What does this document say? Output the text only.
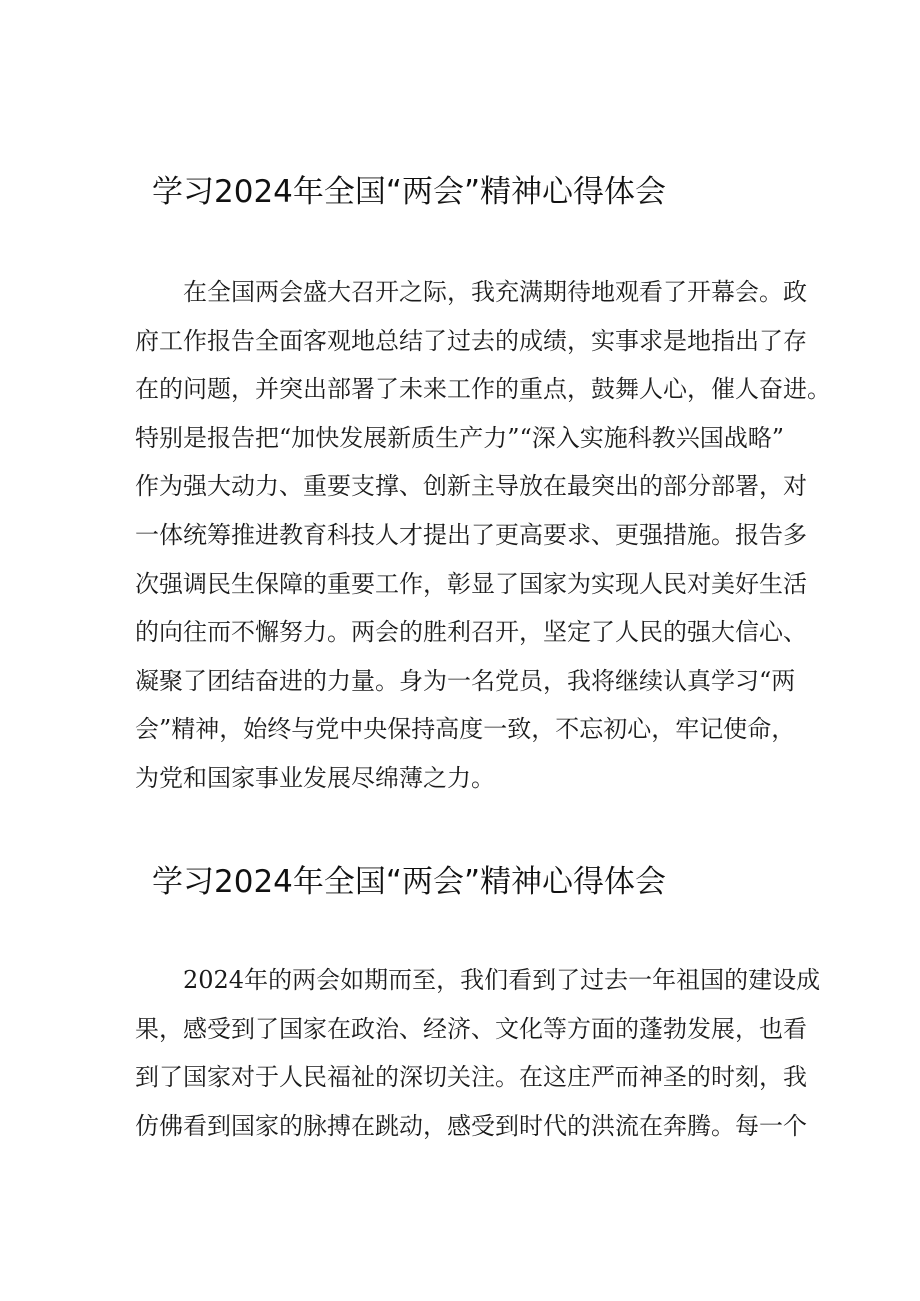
学习2024年全国“两会”精神心得体会
　　在全国两会盛大召开之际，我充满期待地观看了开幕会。政
府工作报告全面客观地总结了过去的成绩，实事求是地指出了存
在的问题，并突出部署了未来工作的重点，鼓舞人心，催人奋进。
特别是报告把“加快发展新质生产力”“深入实施科教兴国战略”
作为强大动力、重要支撑、创新主导放在最突出的部分部署，对
一体统筹推进教育科技人才提出了更高要求、更强措施。报告多
次强调民生保障的重要工作，彰显了国家为实现人民对美好生活
的向往而不懈努力。两会的胜利召开，坚定了人民的强大信心、
凝聚了团结奋进的力量。身为一名党员，我将继续认真学习“两
会”精神，始终与党中央保持高度一致，不忘初心，牢记使命，
为党和国家事业发展尽绵薄之力。
学习2024年全国“两会”精神心得体会
　　2024年的两会如期而至，我们看到了过去一年祖国的建设成
果，感受到了国家在政治、经济、文化等方面的蓬勃发展，也看
到了国家对于人民福祉的深切关注。在这庄严而神圣的时刻，我
仿佛看到国家的脉搏在跳动，感受到时代的洪流在奔腾。每一个
